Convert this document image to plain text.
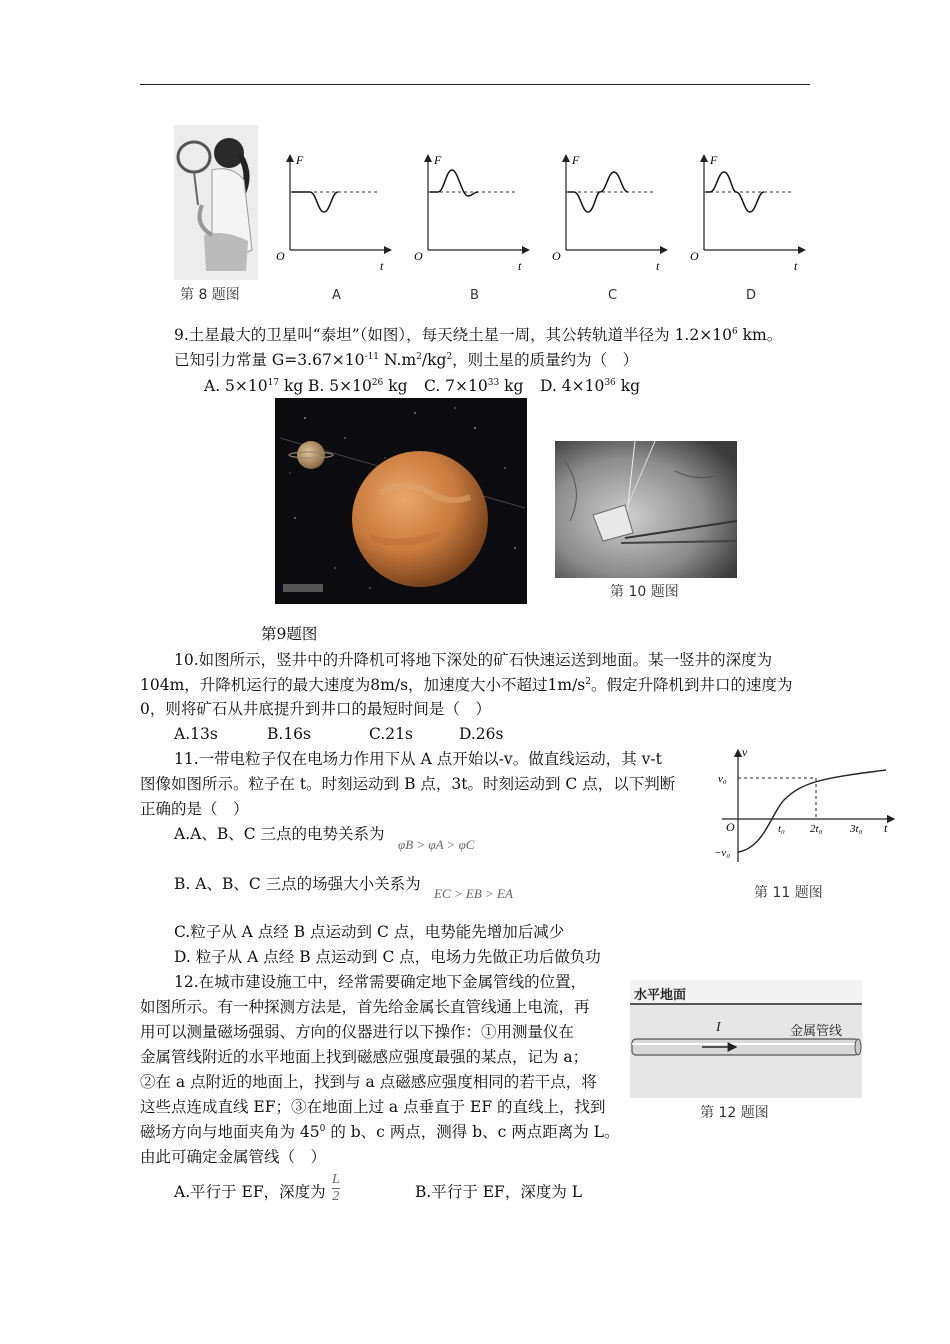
第 8 题图
F
O
t
A
F
O
t
B
F
O
t
C
F
O
t
D
9.土星最大的卫星叫“泰坦”（如图），每天绕土星一周，其公转轨道半径为 $1.2\times 10^6$ km。
已知引力常量 $G=3.67\times 10^{-11}$ $N.m^2/kg^2$，则土星的质量约为（　）
A. $5\times 10^{17}$ kg B. $5\times 10^{26}$ kg C. $7\times 10^{33}$ kg D. $4\times 10^{36}$ kg
第9题图
第 10 题图
10.如图所示，竖井中的升降机可将地下深处的矿石快速运送到地面。某一竖井的深度为
104m，升降机运行的最大速度为8m/s，加速度大小不超过$1m/s^2$。假定升降机到井口的速度为
0，则将矿石从井底提升到井口的最短时间是（　）
A.13s	B.16s	C.21s	D.26s
11.一带电粒子仅在电场力作用下从 A 点开始以-v。做直线运动，其 v-t
图像如图所示。粒子在 t。时刻运动到 B 点，3t。时刻运动到 C 点，以下判断
正确的是（　）
A.A、B、C 三点的电势关系为
φB > φA > φC
B. A、B、C 三点的场强大小关系为
EC > EB > EA
C.粒子从 A 点经 B 点运动到 C 点，电势能先增加后减少
D. 粒子从 A 点经 B 点运动到 C 点，电场力先做正功后做负功
v
v₀
−v₀
O	t₀ 2t₀	3t₀ t
第 11 题图
12.在城市建设施工中，经常需要确定地下金属管线的位置，
如图所示。有一种探测方法是，首先给金属长直管线通上电流，再
用可以测量磁场强弱、方向的仪器进行以下操作：①用测量仪在
金属管线附近的水平地面上找到磁感应强度最强的某点，记为 a；
②在 a 点附近的地面上，找到与 a 点磁感应强度相同的若干点，将
这些点连成直线 EF；③在地面上过 a 点垂直于 EF 的直线上，找到
磁场方向与地面夹角为 $45^0$ 的 b、c 两点，测得 b、c 两点距离为 L。
由此可确定金属管线（　）
A.平行于 EF，深度为 $\frac{L}{2}$	B.平行于 EF，深度为 L
水平地面
I	金属管线
第 12 题图
